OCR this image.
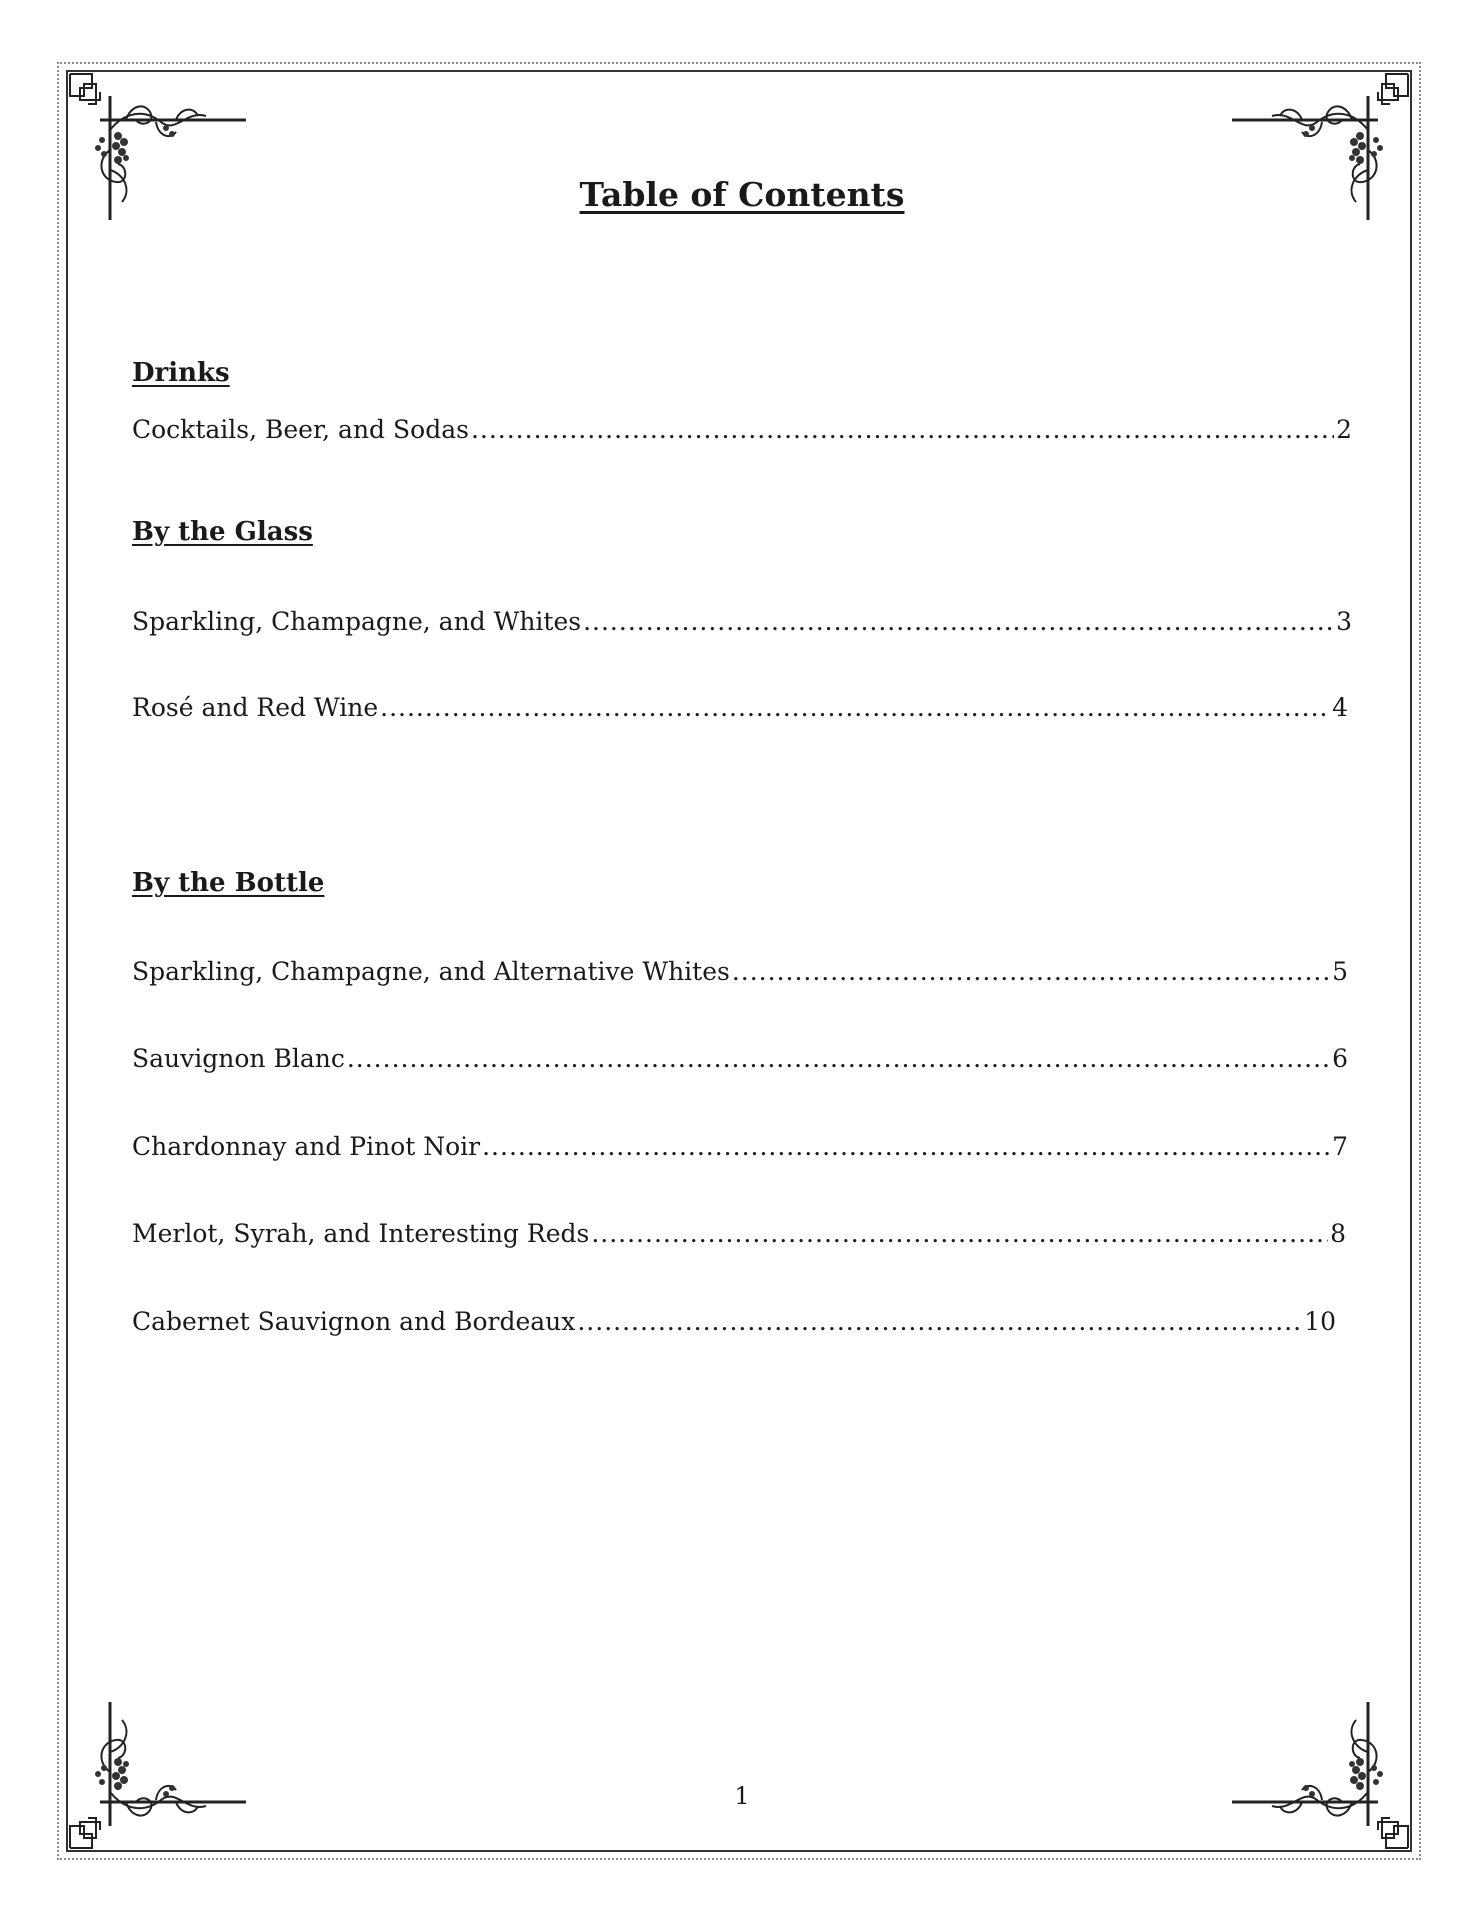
Table of Contents
Drinks
Cocktails, Beer, and Sodas .....	2
By the Glass
Sparkling, Champagne, and Whites .....	3
Rosé and Red Wine .....	4
By the Bottle
Sparkling, Champagne, and Alternative Whites .....	5
Sauvignon Blanc .....	6
Chardonnay and Pinot Noir .....	7
Merlot, Syrah, and Interesting Reds .....	8
Cabernet Sauvignon and Bordeaux .....	10
1
